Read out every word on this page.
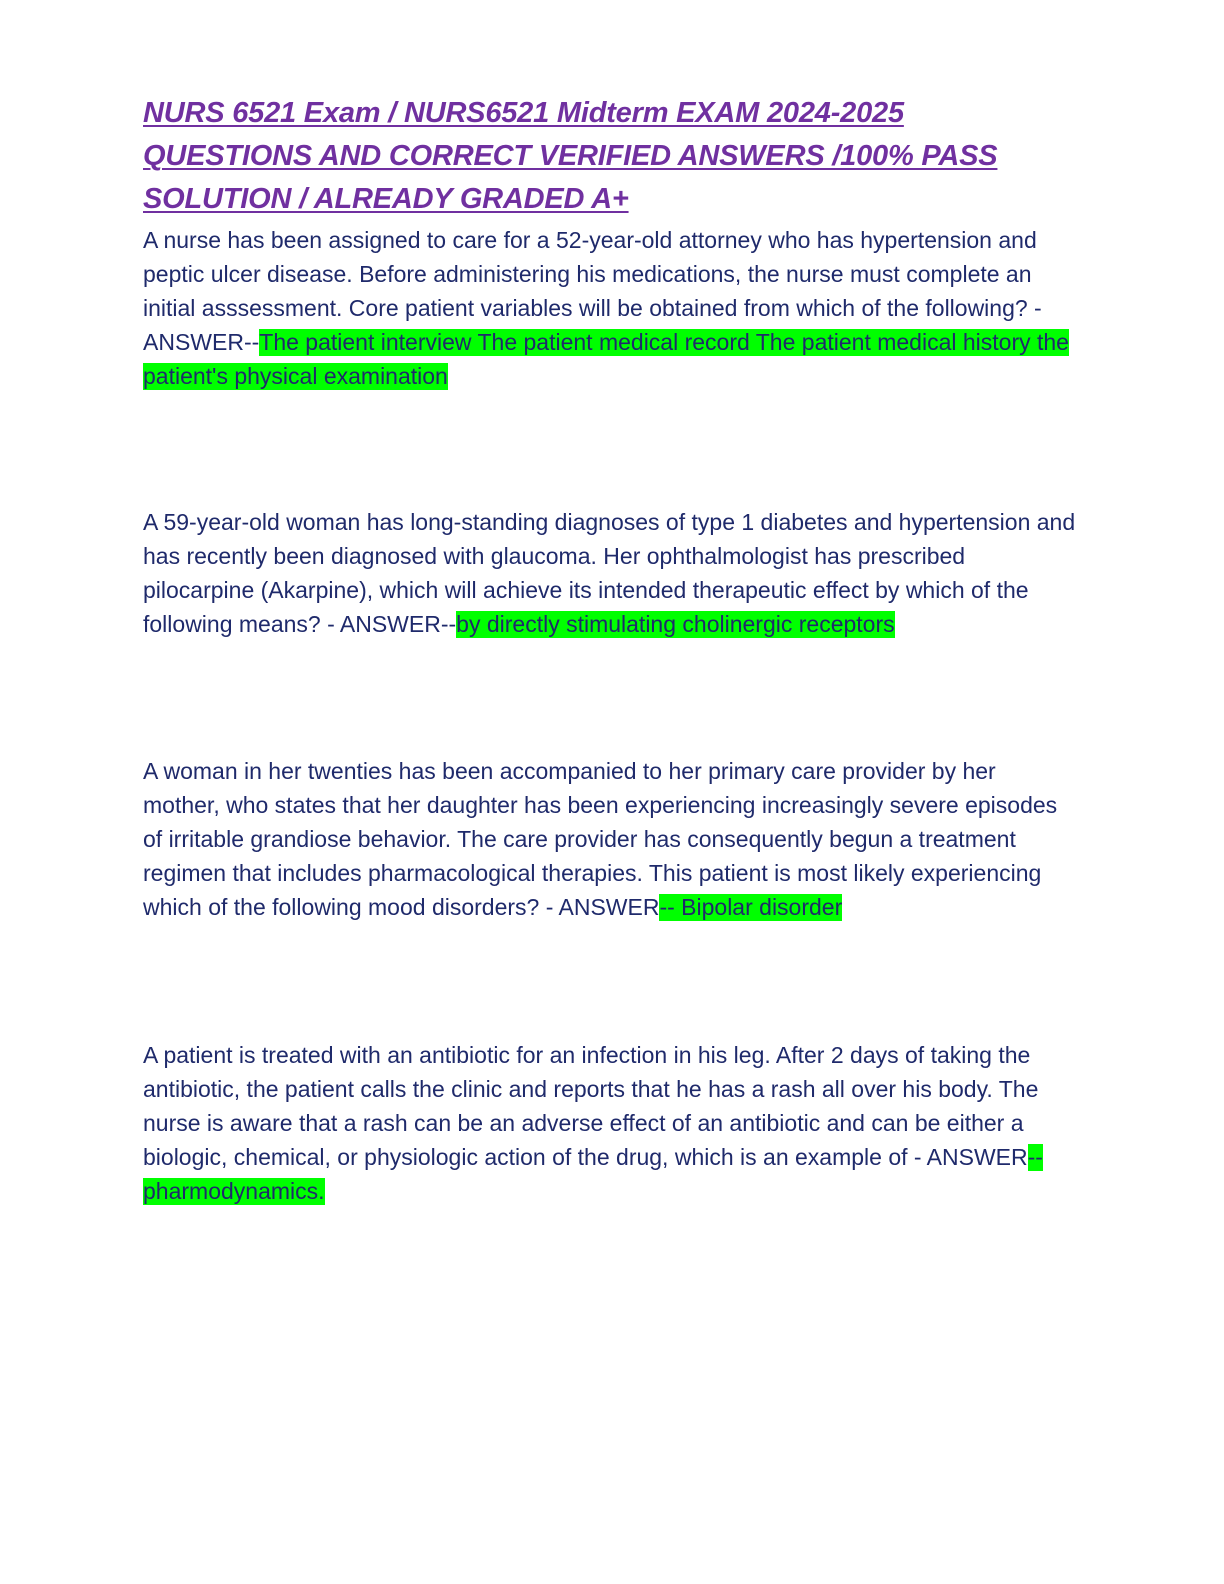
NURS 6521 Exam / NURS6521 Midterm EXAM 2024-2025 QUESTIONS AND CORRECT VERIFIED ANSWERS /100% PASS SOLUTION / ALREADY GRADED A+

A nurse has been assigned to care for a 52-year-old attorney who has hypertension and peptic ulcer disease. Before administering his medications, the nurse must complete an initial asssessment. Core patient variables will be obtained from which of the following? - ANSWER--The patient interview The patient medical record The patient medical history the patient's physical examination

A 59-year-old woman has long-standing diagnoses of type 1 diabetes and hypertension and has recently been diagnosed with glaucoma. Her ophthalmologist has prescribed pilocarpine (Akarpine), which will achieve its intended therapeutic effect by which of the following means? - ANSWER--by directly stimulating cholinergic receptors

A woman in her twenties has been accompanied to her primary care provider by her mother, who states that her daughter has been experiencing increasingly severe episodes of irritable grandiose behavior. The care provider has consequently begun a treatment regimen that includes pharmacological therapies. This patient is most likely experiencing which of the following mood disorders? - ANSWER-- Bipolar disorder

A patient is treated with an antibiotic for an infection in his leg. After 2 days of taking the antibiotic, the patient calls the clinic and reports that he has a rash all over his body. The nurse is aware that a rash can be an adverse effect of an antibiotic and can be either a biologic, chemical, or physiologic action of the drug, which is an example of - ANSWER-- pharmodynamics.
